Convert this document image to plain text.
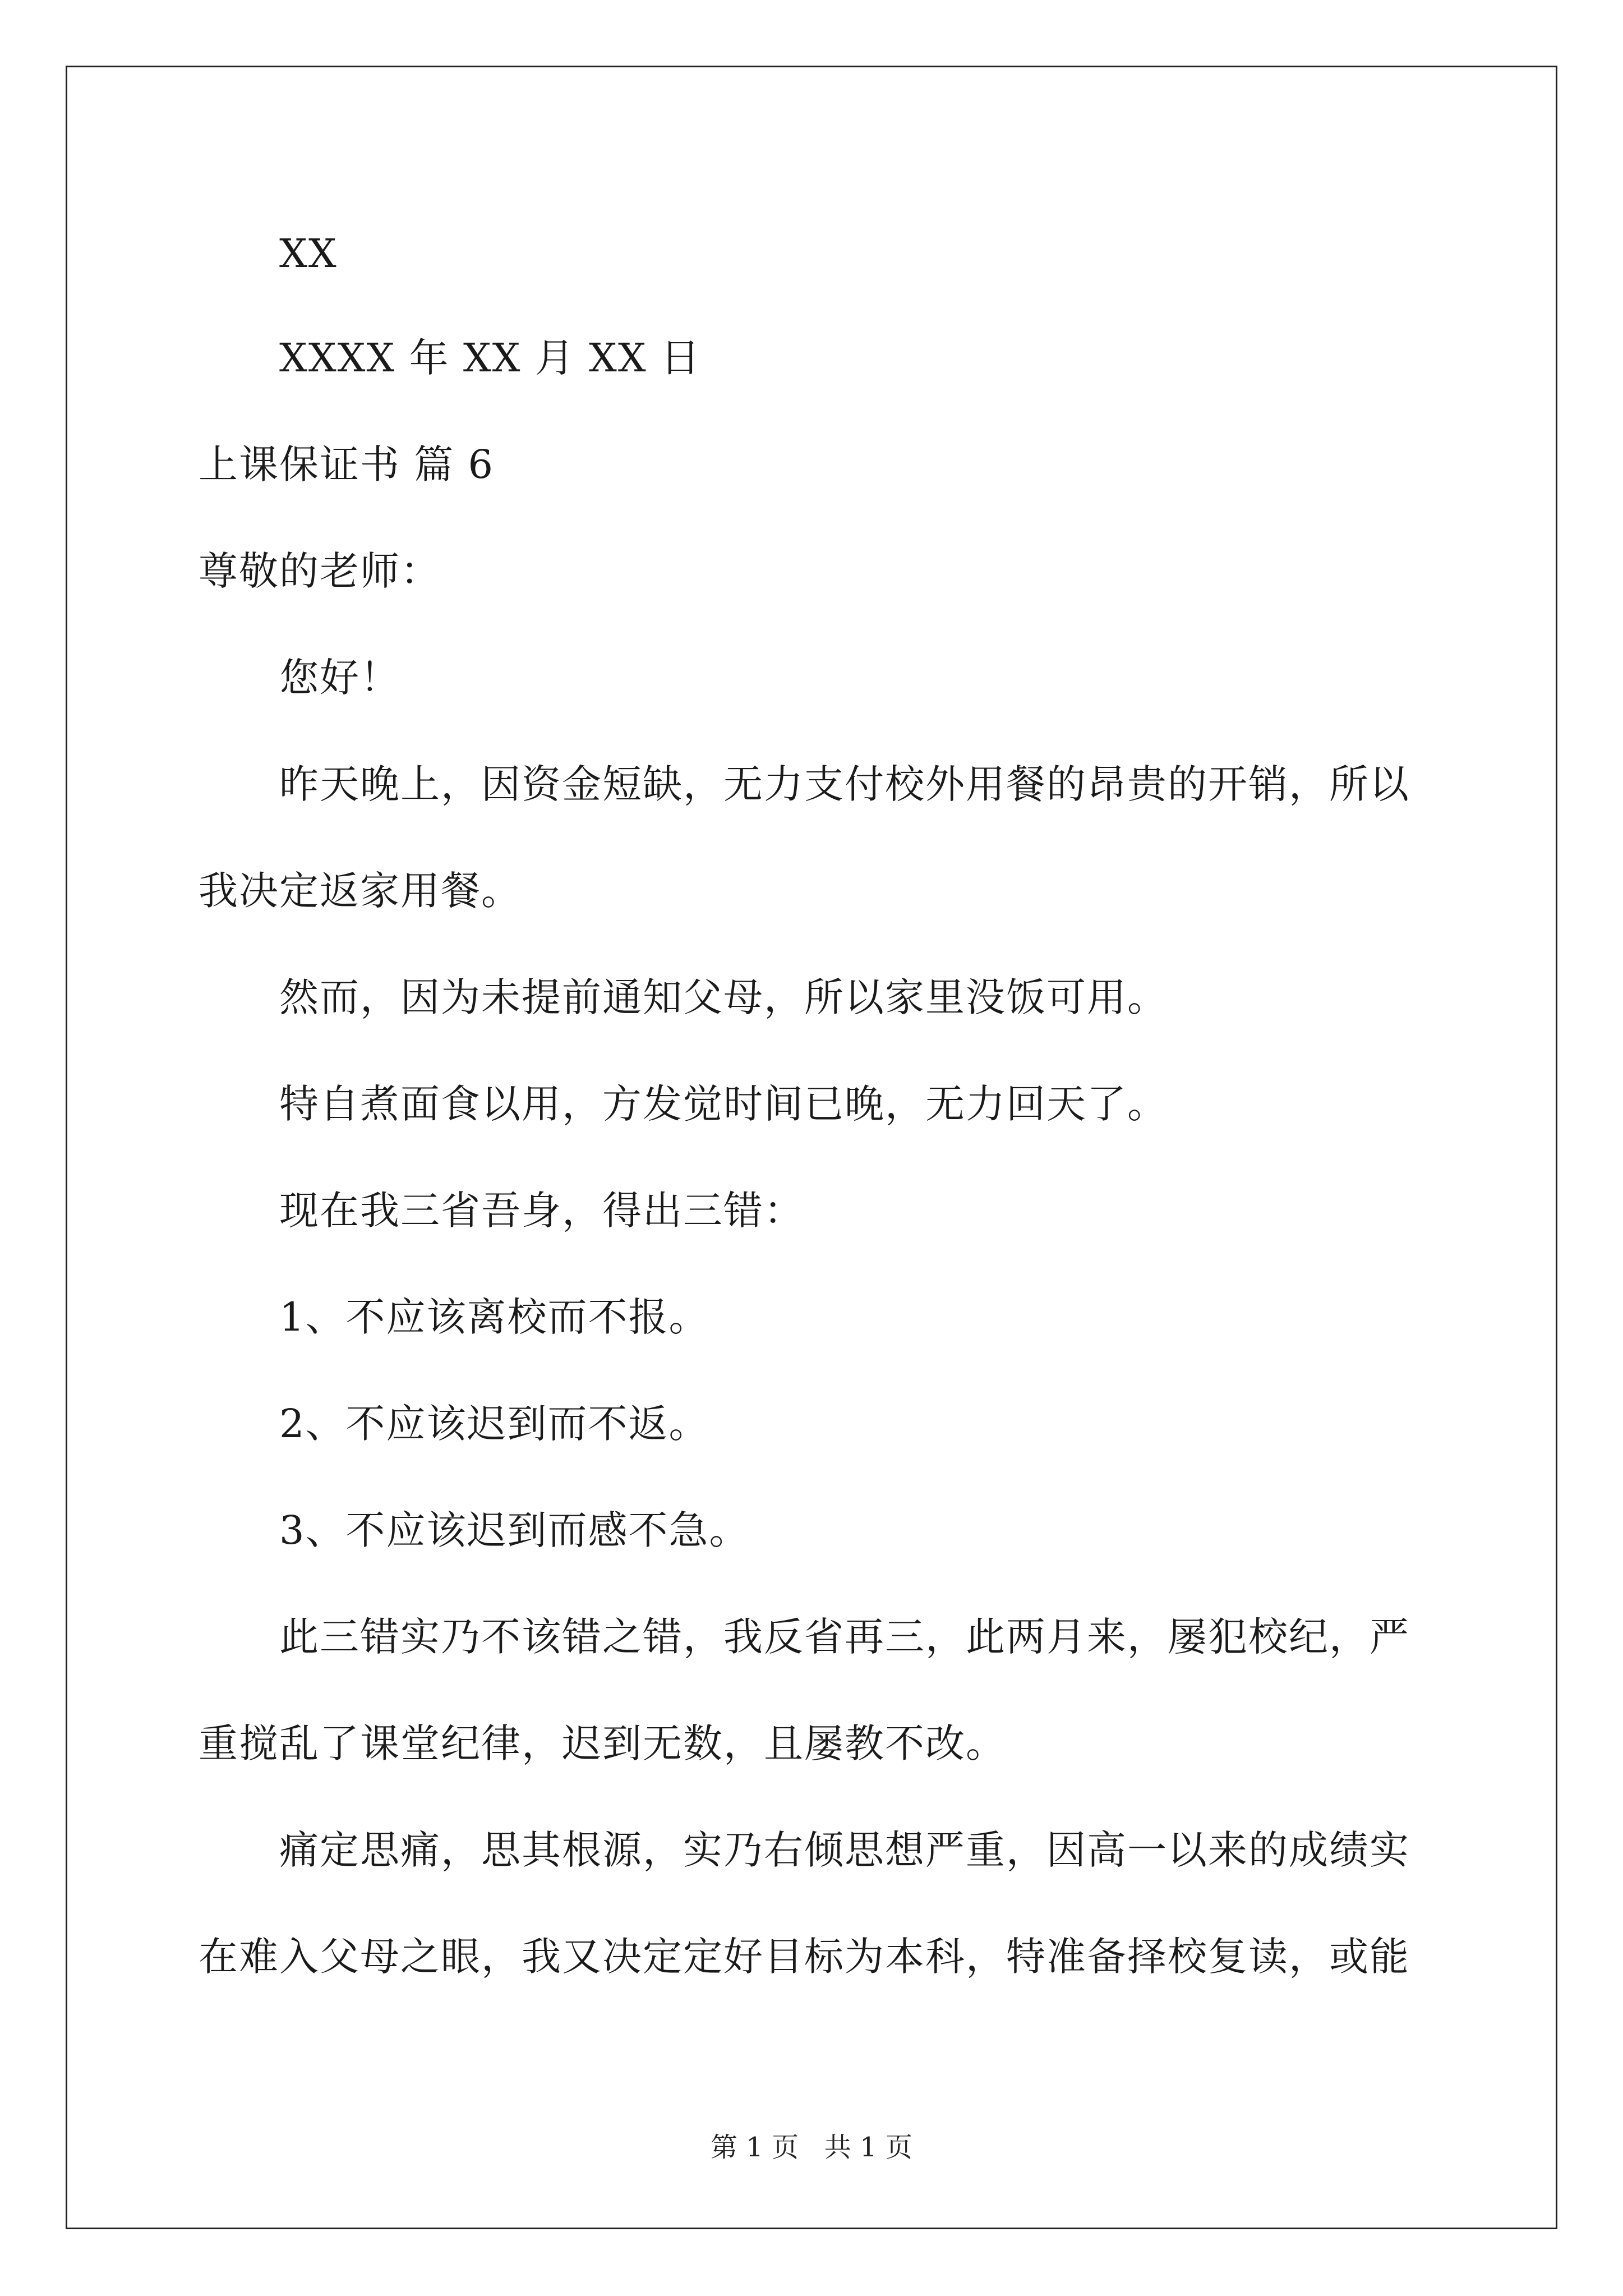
XX
XXXX 年 XX 月 XX 日
上课保证书 篇 6
尊敬的老师：
您好！
昨天晚上，因资金短缺，无力支付校外用餐的昂贵的开销，所以
我决定返家用餐。
然而，因为未提前通知父母，所以家里没饭可用。
特自煮面食以用，方发觉时间已晚，无力回天了。
现在我三省吾身，得出三错：
1、不应该离校而不报。
2、不应该迟到而不返。
3、不应该迟到而感不急。
此三错实乃不该错之错，我反省再三，此两月来，屡犯校纪，严
重搅乱了课堂纪律，迟到无数，且屡教不改。
痛定思痛，思其根源，实乃右倾思想严重，因高一以来的成绩实
在难入父母之眼，我又决定定好目标为本科，特准备择校复读，或能
第 1 页 共 1 页
